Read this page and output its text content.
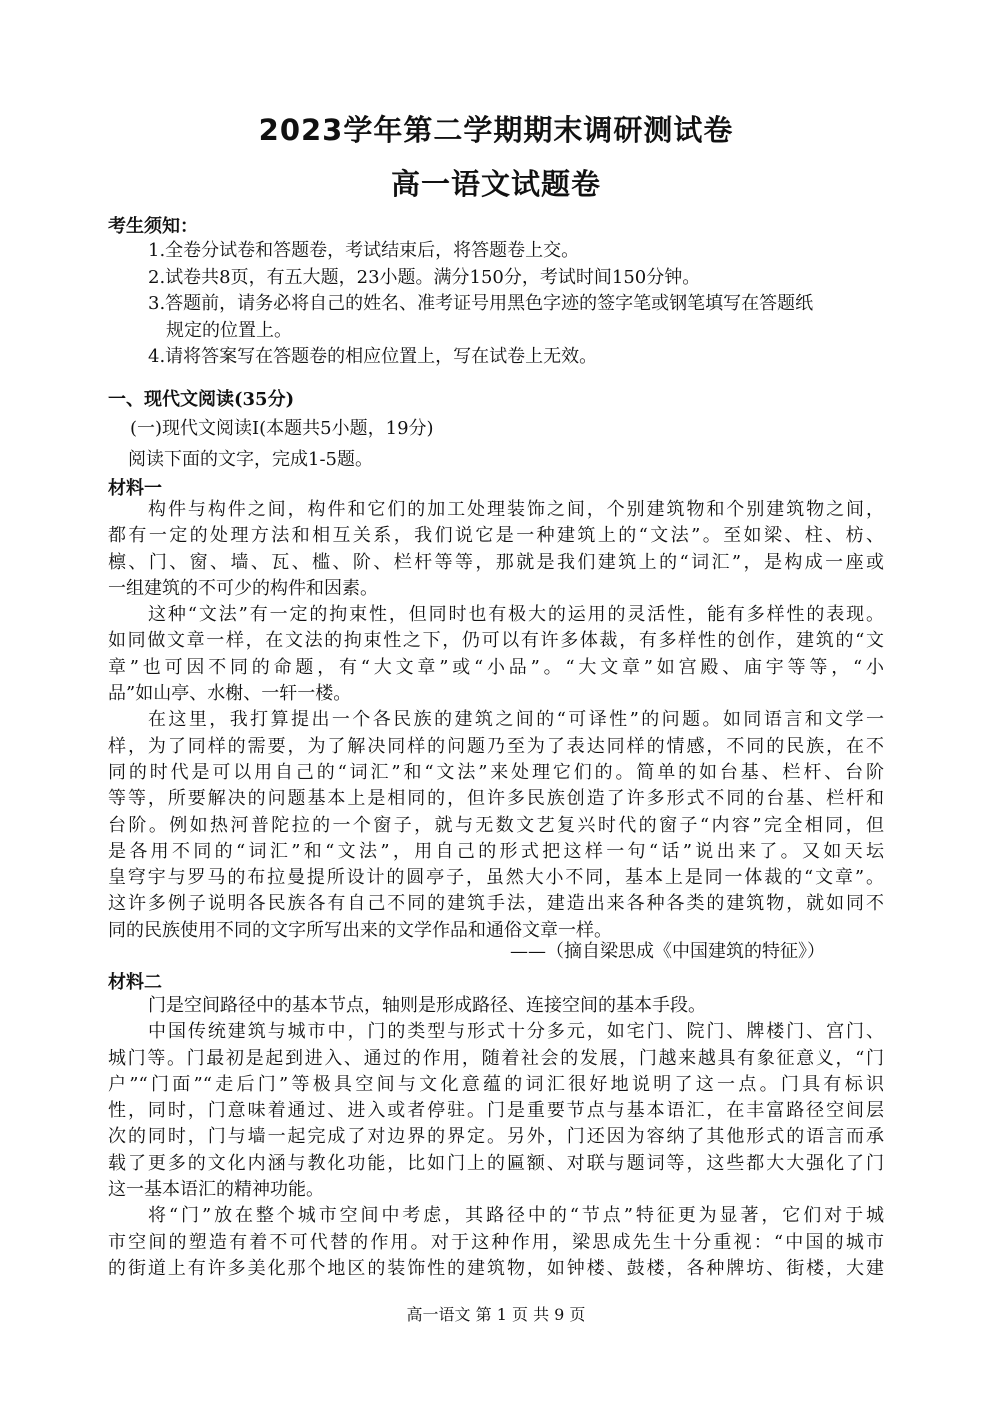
2023学年第二学期期末调研测试卷
高一语文试题卷
考生须知：

1.全卷分试卷和答题卷，考试结束后，将答题卷上交。

2.试卷共8页，有五大题，23小题。满分150分，考试时间150分钟。

3.答题前，请务必将自己的姓名、准考证号用黑色字迹的签字笔或钢笔填写在答题纸

规定的位置上。

4.请将答案写在答题卷的相应位置上，写在试卷上无效。

一、现代文阅读(35分)
(一)现代文阅读Ⅰ(本题共5小题，19分)
阅读下面的文字，完成1-5题。
材料一
构件与构件之间，构件和它们的加工处理装饰之间，个别建筑物和个别建筑物之间，
都有一定的处理方法和相互关系，我们说它是一种建筑上的“文法”。至如梁、柱、枋、
檩、门、窗、墙、瓦、槛、阶、栏杆等等，那就是我们建筑上的“词汇”，是构成一座或
一组建筑的不可少的构件和因素。
这种“文法”有一定的拘束性，但同时也有极大的运用的灵活性，能有多样性的表现。
如同做文章一样，在文法的拘束性之下，仍可以有许多体裁，有多样性的创作，建筑的“文
章”也可因不同的命题，有“大文章”或“小品”。“大文章”如宫殿、庙宇等等，“小
品”如山亭、水榭、一轩一楼。
在这里，我打算提出一个各民族的建筑之间的“可译性”的问题。如同语言和文学一
样，为了同样的需要，为了解决同样的问题乃至为了表达同样的情感，不同的民族，在不
同的时代是可以用自己的“词汇”和“文法”来处理它们的。简单的如台基、栏杆、台阶
等等，所要解决的问题基本上是相同的，但许多民族创造了许多形式不同的台基、栏杆和
台阶。例如热河普陀拉的一个窗子，就与无数文艺复兴时代的窗子“内容”完全相同，但
是各用不同的“词汇”和“文法”，用自己的形式把这样一句“话”说出来了。又如天坛
皇穹宇与罗马的布拉曼提所设计的圆亭子，虽然大小不同，基本上是同一体裁的“文章”。
这许多例子说明各民族各有自己不同的建筑手法，建造出来各种各类的建筑物，就如同不
同的民族使用不同的文字所写出来的文学作品和通俗文章一样。
——（摘自梁思成《中国建筑的特征》）
材料二
门是空间路径中的基本节点，轴则是形成路径、连接空间的基本手段。
中国传统建筑与城市中，门的类型与形式十分多元，如宅门、院门、牌楼门、宫门、
城门等。门最初是起到进入、通过的作用，随着社会的发展，门越来越具有象征意义，“门
户”“门面”“走后门”等极具空间与文化意蕴的词汇很好地说明了这一点。门具有标识
性，同时，门意味着通过、进入或者停驻。门是重要节点与基本语汇，在丰富路径空间层
次的同时，门与墙一起完成了对边界的界定。另外，门还因为容纳了其他形式的语言而承
载了更多的文化内涵与教化功能，比如门上的匾额、对联与题词等，这些都大大强化了门
这一基本语汇的精神功能。
将“门”放在整个城市空间中考虑，其路径中的“节点”特征更为显著，它们对于城
市空间的塑造有着不可代替的作用。对于这种作用，梁思成先生十分重视：“中国的城市
的街道上有许多美化那个地区的装饰性的建筑物，如钟楼、鼓楼，各种牌坊、街楼，大建
高一语文 第 1 页 共 9 页
